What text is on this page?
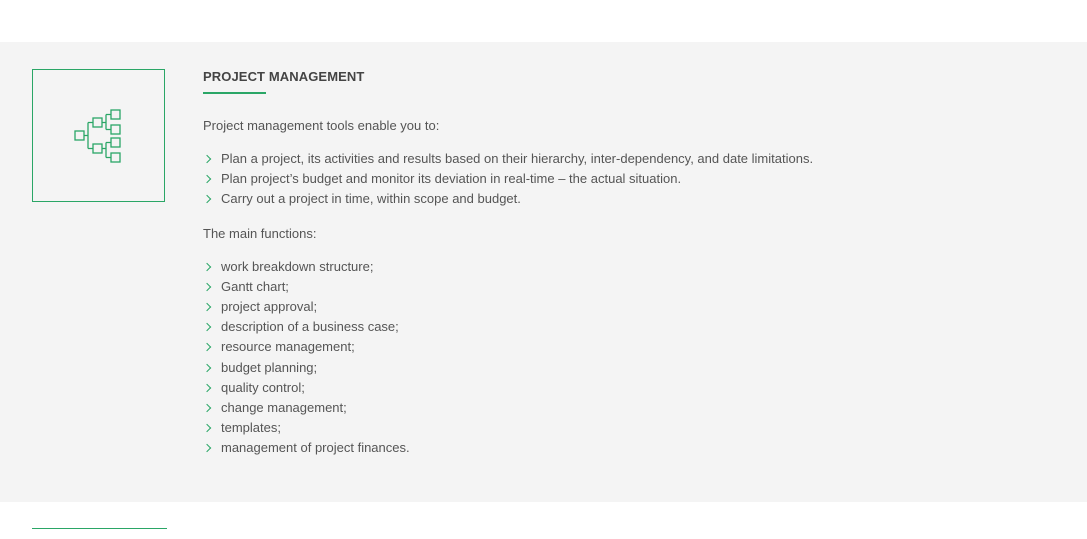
PROJECT MANAGEMENT
Project management tools enable you to:
Plan a project, its activities and results based on their hierarchy, inter-dependency, and date limitations.
Plan project’s budget and monitor its deviation in real-time – the actual situation.
Carry out a project in time, within scope and budget.
The main functions:
work breakdown structure;
Gantt chart;
project approval;
description of a business case;
resource management;
budget planning;
quality control;
change management;
templates;
management of project finances.
